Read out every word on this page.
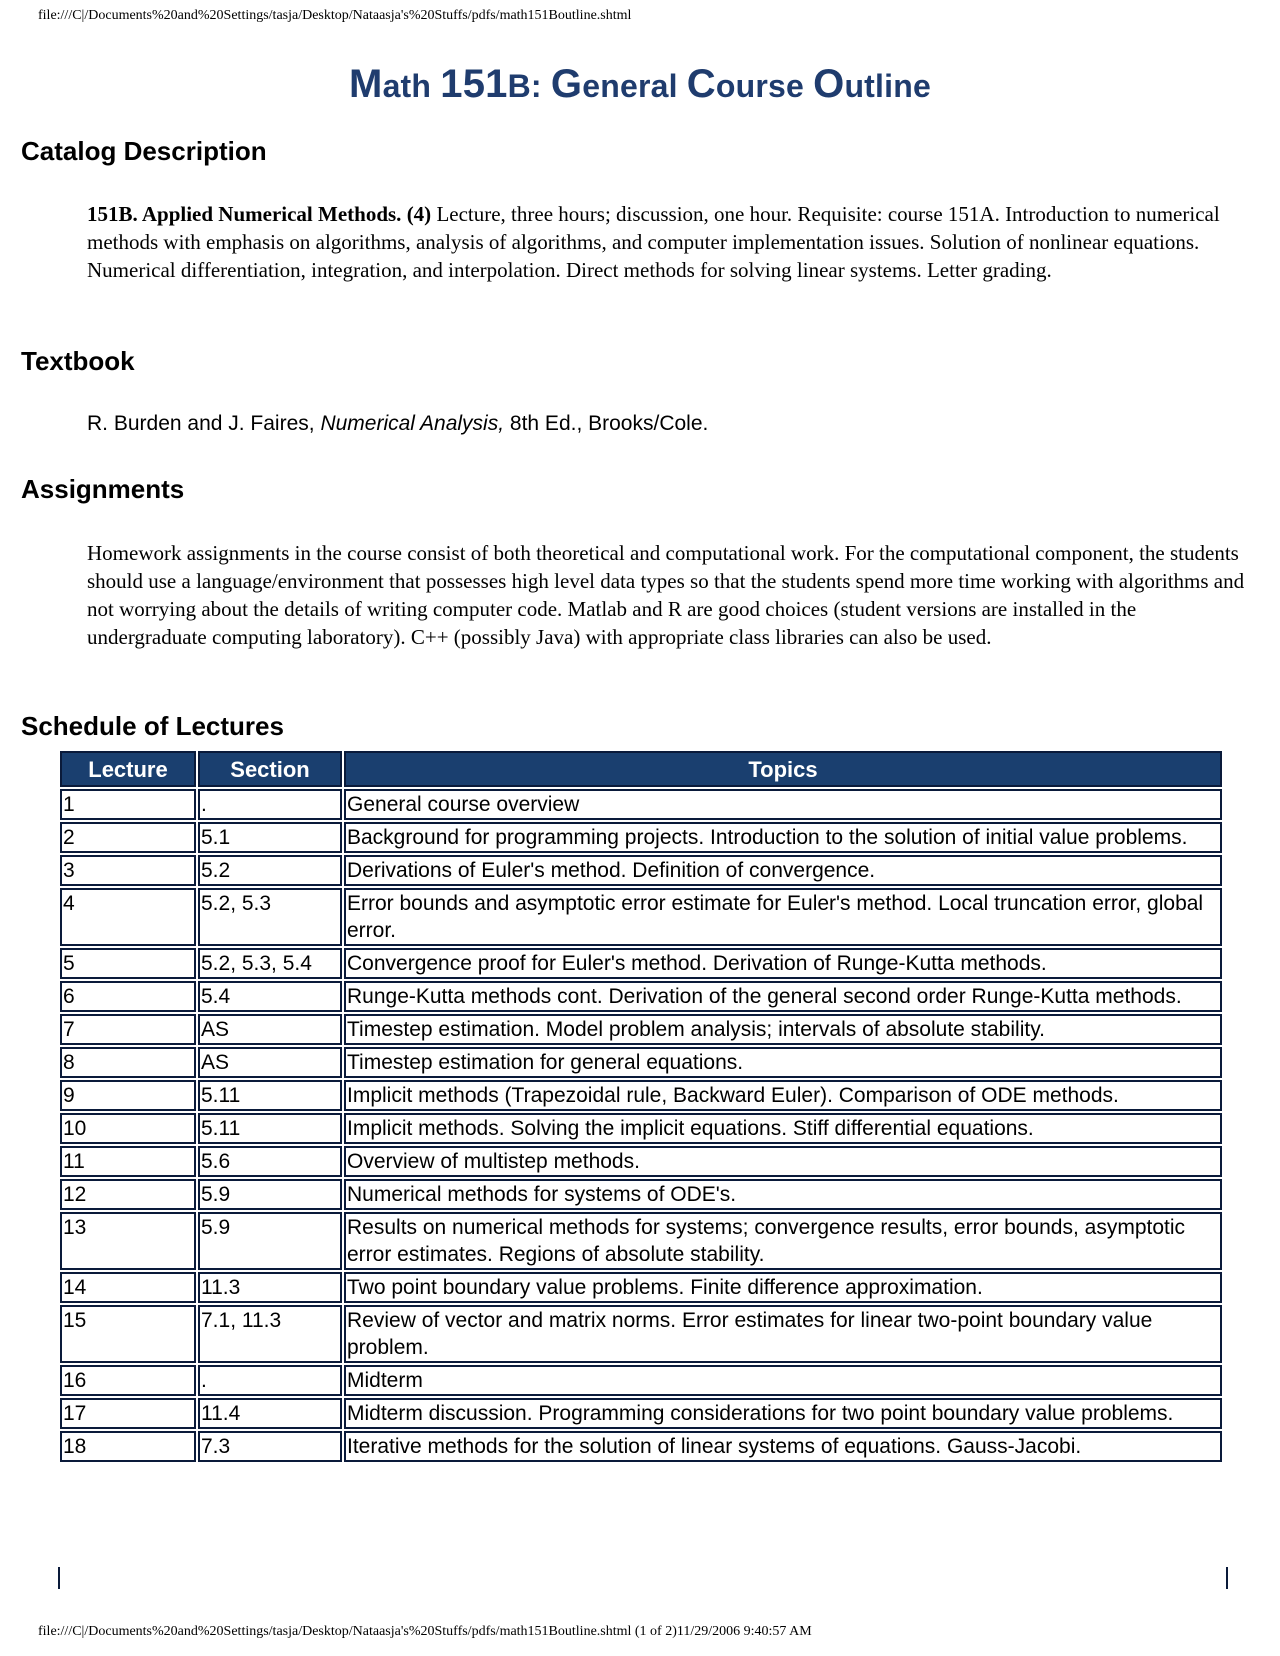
file:///C|/Documents%20and%20Settings/tasja/Desktop/Nataasja's%20Stuffs/pdfs/math151Boutline.shtml
Math 151B: General Course Outline
Catalog Description

151B. Applied Numerical Methods. (4) Lecture, three hours; discussion, one hour. Requisite: course 151A. Introduction to numerical methods with emphasis on algorithms, analysis of algorithms, and computer implementation issues. Solution of nonlinear equations. Numerical differentiation, integration, and interpolation. Direct methods for solving linear systems. Letter grading.

Textbook

R. Burden and J. Faires, Numerical Analysis, 8th Ed., Brooks/Cole.

Assignments

Homework assignments in the course consist of both theoretical and computational work. For the computational component, the students should use a language/environment that possesses high level data types so that the students spend more time working with algorithms and not worrying about the details of writing computer code. Matlab and R are good choices (student versions are installed in the undergraduate computing laboratory). C++ (possibly Java) with appropriate class libraries can also be used.

Schedule of Lectures
Lecture	Section	Topics
1	.	General course overview
2	5.1	Background for programming projects. Introduction to the solution of initial value problems.
3	5.2	Derivations of Euler's method. Definition of convergence.
4	5.2, 5.3	Error bounds and asymptotic error estimate for Euler's method. Local truncation error, global error.
5	5.2, 5.3, 5.4	Convergence proof for Euler's method. Derivation of Runge-Kutta methods.
6	5.4	Runge-Kutta methods cont. Derivation of the general second order Runge-Kutta methods.
7	AS	Timestep estimation. Model problem analysis; intervals of absolute stability.
8	AS	Timestep estimation for general equations.
9	5.11	Implicit methods (Trapezoidal rule, Backward Euler). Comparison of ODE methods.
10	5.11	Implicit methods. Solving the implicit equations. Stiff differential equations.
11	5.6	Overview of multistep methods.
12	5.9	Numerical methods for systems of ODE's.
13	5.9	Results on numerical methods for systems; convergence results, error bounds, asymptotic error estimates. Regions of absolute stability.
14	11.3	Two point boundary value problems. Finite difference approximation.
15	7.1, 11.3	Review of vector and matrix norms. Error estimates for linear two-point boundary value problem.
16	.	Midterm
17	11.4	Midterm discussion. Programming considerations for two point boundary value problems.
18	7.3	Iterative methods for the solution of linear systems of equations. Gauss-Jacobi.
file:///C|/Documents%20and%20Settings/tasja/Desktop/Nataasja's%20Stuffs/pdfs/math151Boutline.shtml (1 of 2)11/29/2006 9:40:57 AM
